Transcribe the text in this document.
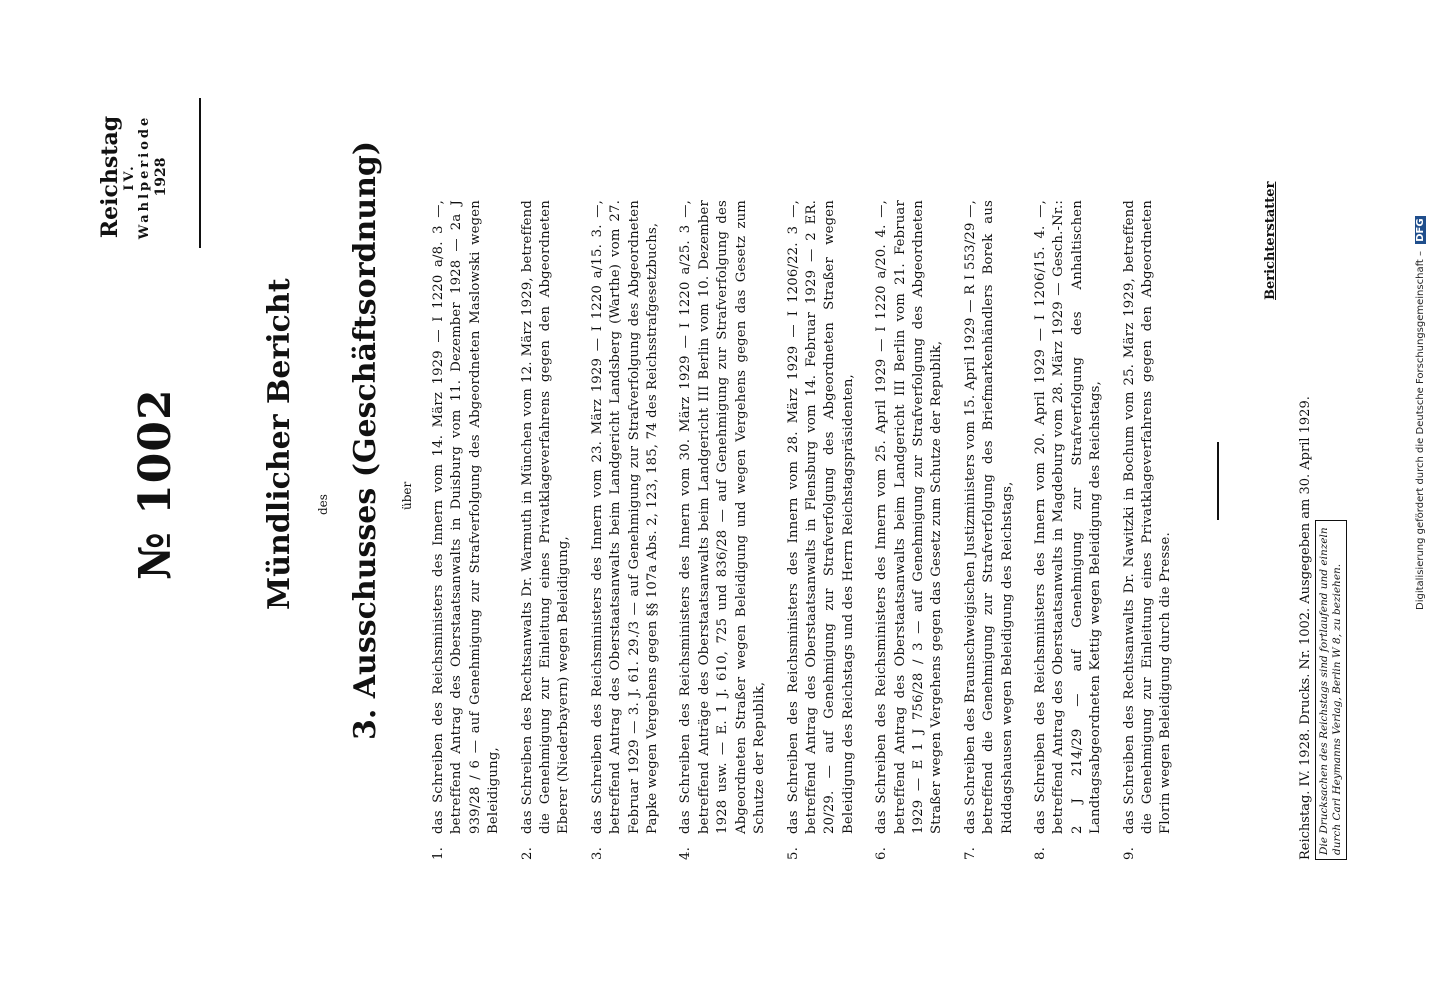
№ 1002
Reichstag IV. Wahlperiode 1928
Mündlicher Bericht des 3. Ausschusses (Geschäftsordnung) über
1.
das Schreiben des Reichsministers des Innern vom 14. März 1929 — I 1220 a/8. 3 —, betreffend Antrag des Oberstaatsanwalts in Duisburg vom 11. Dezember 1928 — 2a J 939/28 / 6 — auf Genehmigung zur Strafverfolgung des Abgeordneten Maslowski wegen Beleidigung,
2.
das Schreiben des Rechtsanwalts Dr. Warmuth in München vom 12. März 1929, betreffend die Genehmigung zur Einleitung eines Privatklageverfahrens gegen den Abgeordneten Eberer (Niederbayern) wegen Beleidigung,
3.
das Schreiben des Reichsministers des Innern vom 23. März 1929 — I 1220 a/15. 3. —, betreffend Antrag des Oberstaatsanwalts beim Landgericht Landsberg (Warthe) vom 27. Februar 1929 — 3. J. 61. 29./3 — auf Genehmigung zur Strafverfolgung des Abgeordneten Papke wegen Vergehens gegen §§ 107a Abs. 2, 123, 185, 74 des Reichsstrafgesetzbuchs,
4.
das Schreiben des Reichsministers des Innern vom 30. März 1929 — I 1220 a/25. 3 —, betreffend Anträge des Oberstaatsanwalts beim Landgericht III Berlin vom 10. Dezember 1928 usw. — E. 1 J. 610, 725 und 836/28 — auf Genehmigung zur Strafverfolgung des Abgeordneten Straßer wegen Beleidigung und wegen Vergehens gegen das Gesetz zum Schutze der Republik,
5.
das Schreiben des Reichsministers des Innern vom 28. März 1929 — I 1206/22. 3 —, betreffend Antrag des Oberstaatsanwalts in Flensburg vom 14. Februar 1929 — 2 ER. 20/29. — auf Genehmigung zur Strafverfolgung des Abgeordneten Straßer wegen Beleidigung des Reichstags und des Herrn Reichstagspräsidenten,
6.
das Schreiben des Reichsministers des Innern vom 25. April 1929 — I 1220 a/20. 4. —, betreffend Antrag des Oberstaatsanwalts beim Landgericht III Berlin vom 21. Februar 1929 — E 1 J 756/28 / 3 — auf Genehmigung zur Strafverfolgung des Abgeordneten Straßer wegen Vergehens gegen das Gesetz zum Schutze der Republik,
7.
das Schreiben des Braunschweigischen Justizministers vom 15. April 1929 — R I 553/29 —, betreffend die Genehmigung zur Strafverfolgung des Briefmarkenhändlers Borek aus Riddagshausen wegen Beleidigung des Reichstags,
8.
das Schreiben des Reichsministers des Innern vom 20. April 1929 — I 1206/15. 4. —, betreffend Antrag des Oberstaatsanwalts in Magdeburg vom 28. März 1929 — Gesch.-Nr.: 2 J 214/29 — auf Genehmigung zur Strafverfolgung des Anhaltischen Landtagsabgeordneten Kettig wegen Beleidigung des Reichstags,
9.
das Schreiben des Rechtsanwalts Dr. Nawitzki in Bochum vom 25. März 1929, betreffend die Genehmigung zur Einleitung eines Privatklageverfahrens gegen den Abgeordneten Florin wegen Beleidigung durch die Presse.
Berichterstatter
Reichstag. IV. 1928. Drucks. Nr. 1002. Ausgegeben am 30. April 1929. Die Drucksachen des Reichstags sind fortlaufend und einzeln durch Carl Heymanns Verlag, Berlin W 8, zu beziehen.
Digitalisierung gefördert durch die Deutsche Forschungsgemeinschaft – DFG
